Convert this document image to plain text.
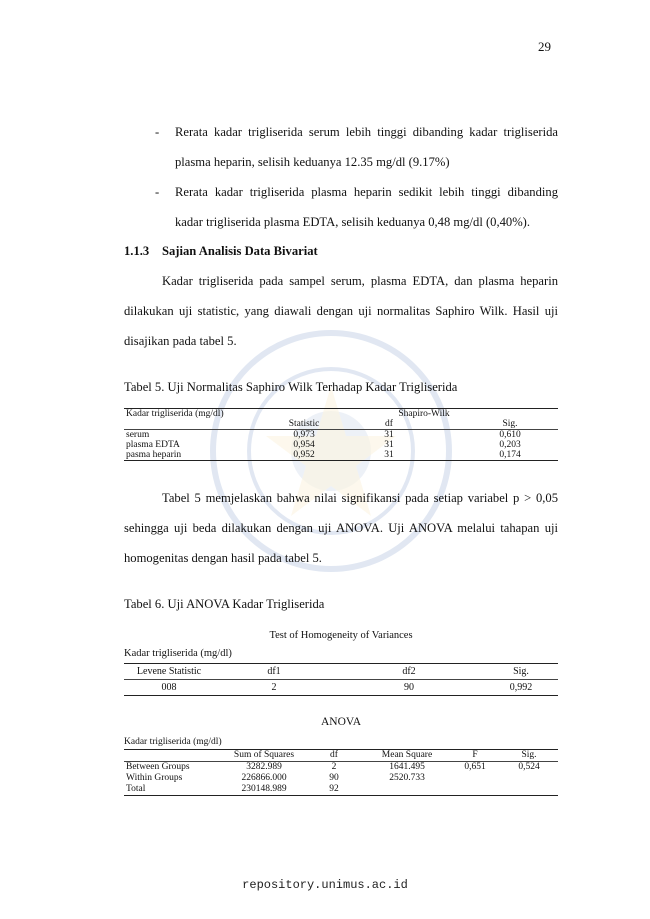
29
- Rerata kadar trigliserida serum lebih tinggi dibanding kadar trigliserida
plasma heparin, selisih keduanya 12.35 mg/dl (9.17%)
- Rerata kadar trigliserida plasma heparin sedikit lebih tinggi dibanding
kadar trigliserida plasma EDTA, selisih keduanya 0,48 mg/dl (0,40%).
1.1.3 Sajian Analisis Data Bivariat
Kadar trigliserida pada sampel serum, plasma EDTA, dan plasma heparin
dilakukan uji statistic, yang diawali dengan uji normalitas Saphiro Wilk. Hasil uji
disajikan pada tabel 5.
Tabel 5. Uji Normalitas Saphiro Wilk Terhadap Kadar Trigliserida
Kadar trigliserida (mg/dl)		Shapiro-Wilk		
	Statistic	df	Sig.	
serum	0,973	31	0,610	
plasma EDTA	0,954	31	0,203	
pasma heparin	0,952	31	0,174	
Tabel 5 memjelaskan bahwa nilai signifikansi pada setiap variabel p > 0,05
sehingga uji beda dilakukan dengan uji ANOVA. Uji ANOVA melalui tahapan uji
homogenitas dengan hasil pada tabel 5.
Tabel 6. Uji ANOVA Kadar Trigliserida
Test of Homogeneity of Variances
Kadar trigliserida (mg/dl)
Levene Statistic	df1	df2	Sig.
008	2	90	0,992
ANOVA
Kadar trigliserida (mg/dl)
	Sum of Squares	df	Mean Square	F	Sig.
Between Groups	3282.989	2	1641.495	0,651	0,524
Within Groups	226866.000	90	2520.733		
Total	230148.989	92			
repository.unimus.ac.id
